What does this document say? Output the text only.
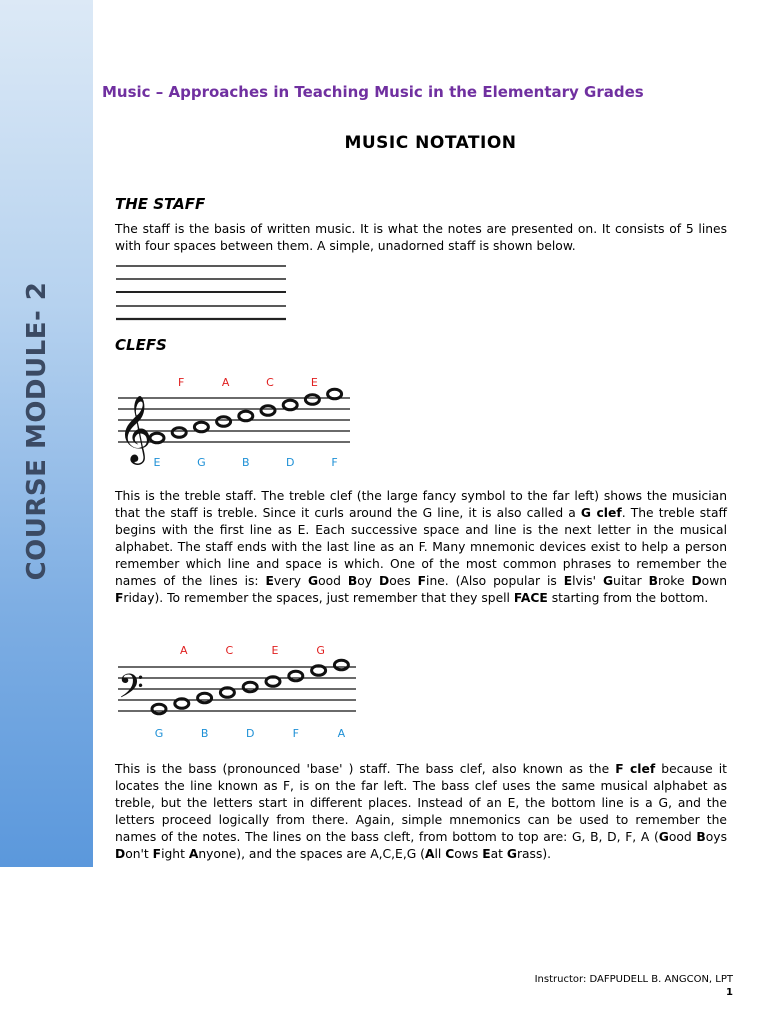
COURSE MODULE- 2
Music – Approaches in Teaching Music in the Elementary Grades
MUSIC NOTATION
THE STAFF
The staff is the basis of written music. It is what the notes are presented on. It consists of 5 lines with four spaces between them. A simple, unadorned staff is shown below.
CLEFS
𝄞
F	A	C	E
E	G	B	D	F

This is the treble staff. The treble clef (the large fancy symbol to the far left) shows the musician that the staff is treble. Since it curls around the G line, it is also called a G clef. The treble staff begins with the first line as E. Each successive space and line is the next letter in the musical alphabet. The staff ends with the last line as an F. Many mnemonic devices exist to help a person remember which line and space is which. One of the most common phrases to remember the names of the lines is: Every Good Boy Does Fine. (Also popular is Elvis' Guitar Broke Down Friday). To remember the spaces, just remember that they spell FACE starting from the bottom.

𝄢
A	C	E	G
G	B	D	F	A

This is the bass (pronounced 'base' ) staff. The bass clef, also known as the F clef because it locates the line known as F, is on the far left. The bass clef uses the same musical alphabet as treble, but the letters start in different places. Instead of an E, the bottom line is a G, and the letters proceed logically from there. Again, simple mnemonics can be used to remember the names of the notes. The lines on the bass cleft, from bottom to top are: G, B, D, F, A (Good Boys Don't Fight Anyone), and the spaces are A,C,E,G (All Cows Eat Grass).

Instructor: DAFPUDELL B. ANGCON, LPT
1
